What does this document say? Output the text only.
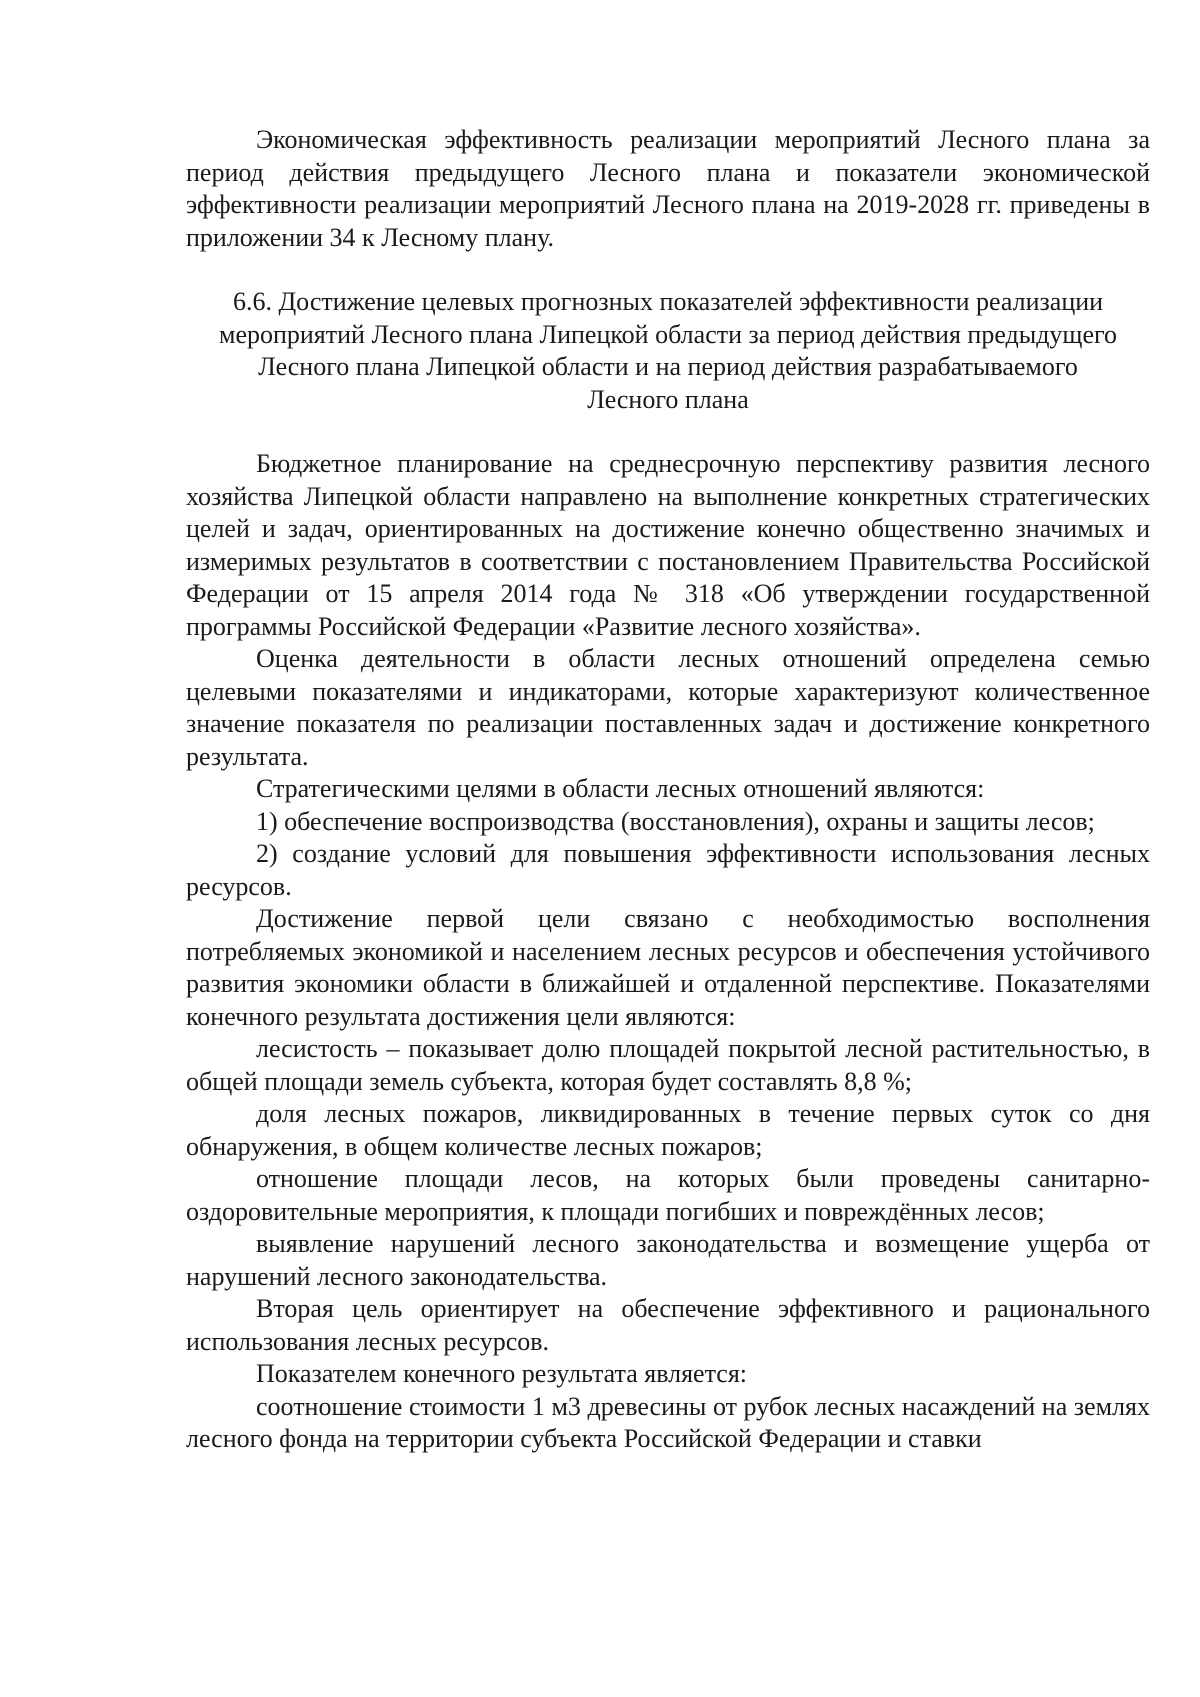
Экономическая эффективность реализации мероприятий Лесного плана за период действия предыдущего Лесного плана и показатели экономической эффективности реализации мероприятий Лесного плана на 2019-2028 гг. приведены в приложении 34 к Лесному плану.

6.6. Достижение целевых прогнозных показателей эффективности реализации мероприятий Лесного плана Липецкой области за период действия предыдущего Лесного плана Липецкой области и на период действия разрабатываемого Лесного плана

Бюджетное планирование на среднесрочную перспективу развития лесного хозяйства Липецкой области направлено на выполнение конкретных стратегических целей и задач, ориентированных на достижение конечно общественно значимых и измеримых результатов в соответствии с постановлением Правительства Российской Федерации от 15 апреля 2014 года № 318 «Об утверждении государственной программы Российской Федерации «Развитие лесного хозяйства».

Оценка деятельности в области лесных отношений определена семью целевыми показателями и индикаторами, которые характеризуют количественное значение показателя по реализации поставленных задач и достижение конкретного результата.

Стратегическими целями в области лесных отношений являются:

1) обеспечение воспроизводства (восстановления), охраны и защиты лесов;

2) создание условий для повышения эффективности использования лесных ресурсов.

Достижение первой цели связано с необходимостью восполнения потребляемых экономикой и населением лесных ресурсов и обеспечения устойчивого развития экономики области в ближайшей и отдаленной перспективе. Показателями конечного результата достижения цели являются:

лесистость – показывает долю площадей покрытой лесной растительностью, в общей площади земель субъекта, которая будет составлять 8,8 %;

доля лесных пожаров, ликвидированных в течение первых суток со дня обнаружения, в общем количестве лесных пожаров;

отношение площади лесов, на которых были проведены санитарно-оздоровительные мероприятия, к площади погибших и повреждённых лесов;

выявление нарушений лесного законодательства и возмещение ущерба от нарушений лесного законодательства.

Вторая цель ориентирует на обеспечение эффективного и рационального использования лесных ресурсов.

Показателем конечного результата является:

соотношение стоимости 1 м3 древесины от рубок лесных насаждений на землях лесного фонда на территории субъекта Российской Федерации и ставки
